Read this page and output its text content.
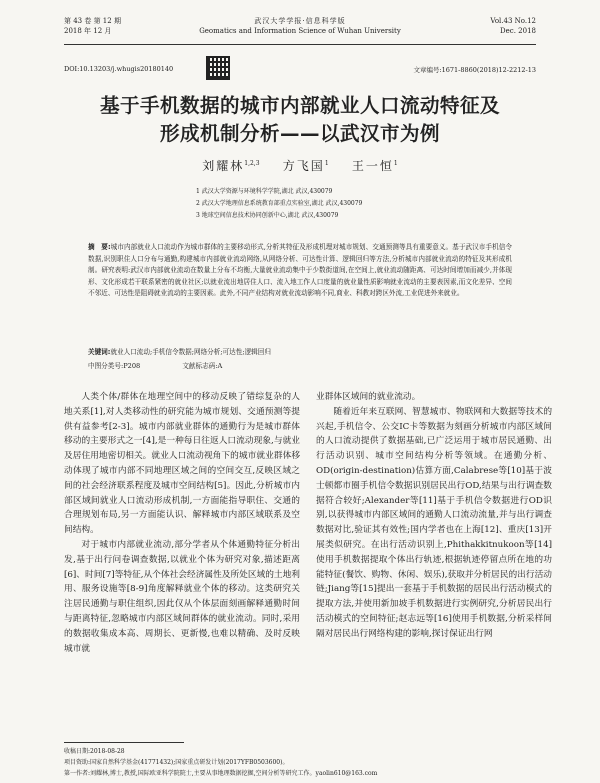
第 43 卷 第 12 期
2018 年 12 月
武汉大学学报·信息科学版
Geomatics and Information Science of Wuhan University
Vol.43 No.12
Dec. 2018
DOI:10.13203/j.whugis20180140	文章编号:1671-8860(2018)12-2212-13
基于手机数据的城市内部就业人口流动特征及
形成机制分析——以武汉市为例
刘耀林$^{1,2,3}$ 方飞国$^1$ 王一恒$^1$
1 武汉大学资源与环境科学学院,湖北 武汉,430079
2 武汉大学地理信息系统教育部重点实验室,湖北 武汉,430079
3 地球空间信息技术协同创新中心,湖北 武汉,430079
摘　要:城市内部就业人口流动作为城市群体的主要移动形式,分析其特征及形成机理对城市规划、交通预测等具有重要意义。基于武汉市手机信令数据,识别职住人口分布与通勤,构建城市内部就业流动网络,从网络分析、可达性计算、逻辑回归等方法,分析城市内部就业流动的特征及其形成机制。研究表明:武汉市内部就业流动在数量上分布不均衡,大量就业流动集中于少数街道间,在空间上,就业流动随距离、可达时间增加而减少,并体现形、文化形成若干联系紧密的就业社区;以就业流出地居住人口、流入地工作人口度量的就业量性质影响就业流动的主要表因素,而文化差异、空间不邻近、可达性是阻碍就业流动的主要因素。此外,不同产业结构对就业流动影响不同,商业、科教对跨区外流,工业促进外来就业。
关键词:就业人口流动;手机信令数据;网络分析;可达性;逻辑回归
中图分类号:P208	文献标志码:A

人类个体/群体在地理空间中的移动反映了错综复杂的人地关系[1],对人类移动性的研究能为城市规划、交通预测等提供有益参考[2-3]。城市内部就业群体的通勤行为是城市群体移动的主要形式之一[4],是一种每日往返人口流动现象,与就业及居住用地密切相关。就业人口流动视角下的城市就业群体移动体现了城市内部不同地理区域之间的空间交互,反映区域之间的社会经济联系程度及城市空间结构[5]。因此,分析城市内部区域间就业人口流动形成机制,一方面能指导职住、交通的合理规划布局,另一方面能认识、解释城市内部区域联系及空间结构。

对于城市内部就业流动,部分学者从个体通勤特征分析出发,基于出行问卷调查数据,以就业个体为研究对象,描述距离[6]、时间[7]等特征,从个体社会经济属性及所处区域的土地利用、服务设施等[8-9]角度解释就业个体的移动。这类研究关注居民通勤与职住组织,因此仅从个体层面刻画解释通勤时间与距离特征,忽略城市内部区域间群体的就业流动。同时,采用的数据收集成本高、周期长、更新慢,也难以精确、及时反映城市就

业群体区域间的就业流动。

随着近年来互联网、智慧城市、物联网和大数据等技术的兴起,手机信令、公交IC卡等数据为刻画分析城市内部区域间的人口流动提供了数据基础,已广泛运用于城市居民通勤、出行活动识别、城市空间结构分析等领域。在通勤分析、OD(origin-destination)估算方面,Calabrese等[10]基于波士顿都市圈手机信令数据识别居民出行OD,结果与出行调查数据符合较好;Alexander等[11]基于手机信令数据进行OD识别,以获得城市内部区域间的通勤人口流动流量,并与出行调查数据对比,验证其有效性;国内学者也在上海[12]、重庆[13]开展类似研究。在出行活动识别上,Phithakkitnukoon等[14]使用手机数据提取个体出行轨迹,根据轨迹停留点所在地的功能特征(餐饮、购物、休闲、娱乐),获取并分析居民的出行活动链;Jiang等[15]提出一套基于手机数据的居民出行活动模式的提取方法,并使用新加坡手机数据进行实例研究,分析居民出行活动模式的空间特征;赵志远等[16]使用手机数据,分析采样间隔对居民出行网络构建的影响,探讨保证出行网

收稿日期:2018-08-28
项目资助:国家自然科学基金(41771432);国家重点研发计划(2017YFB0503600)。
第一作者:刘耀林,博士,教授,国际欧亚科学院院士,主要从事地理数据挖掘,空间分析等研究工作。yaolin610@163.com
